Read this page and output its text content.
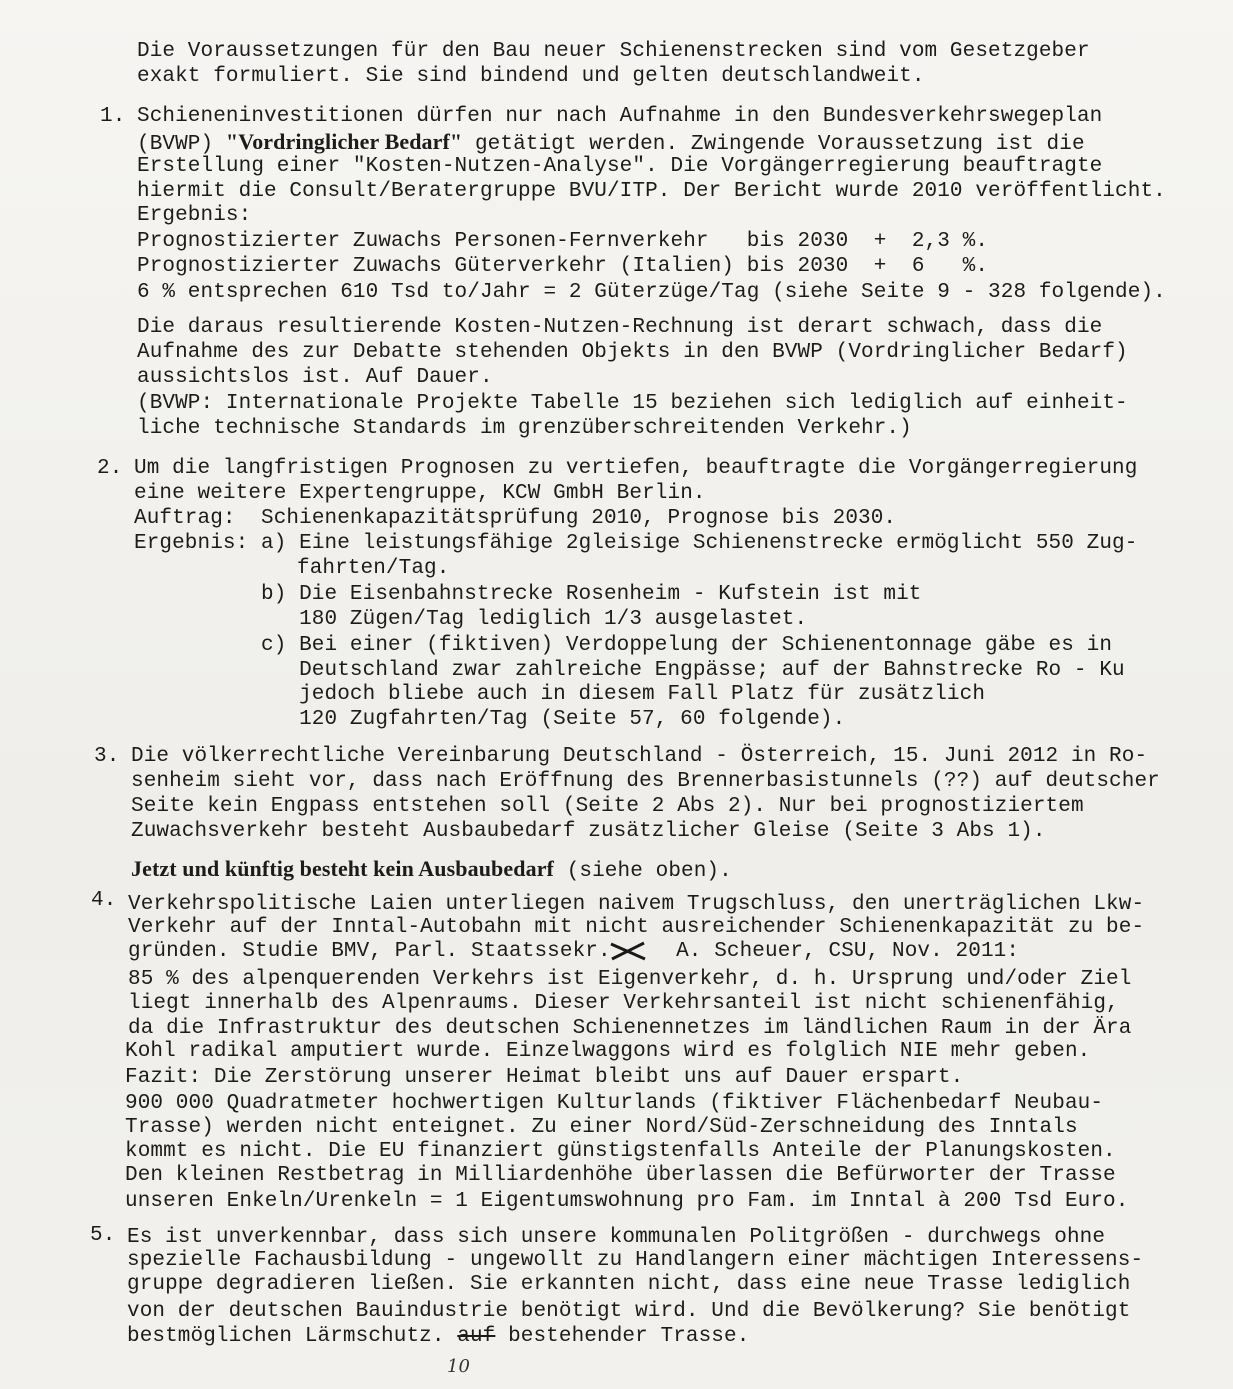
Die Voraussetzungen für den Bau neuer Schienenstrecken sind vom Gesetzgeber
exakt formuliert. Sie sind bindend und gelten deutschlandweit.
1. Schieneninvestitionen dürfen nur nach Aufnahme in den Bundesverkehrswegeplan
(BVWP) "Vordringlicher Bedarf" getätigt werden. Zwingende Voraussetzung ist die
Erstellung einer "Kosten-Nutzen-Analyse". Die Vorgängerregierung beauftragte
hiermit die Consult/Beratergruppe BVU/ITP. Der Bericht wurde 2010 veröffentlicht.
Ergebnis:
Prognostizierter Zuwachs Personen-Fernverkehr   bis 2030  +  2,3 %.
Prognostizierter Zuwachs Güterverkehr (Italien) bis 2030  +  6   %.
6 % entsprechen 610 Tsd to/Jahr = 2 Güterzüge/Tag (siehe Seite 9 - 328 folgende).
Die daraus resultierende Kosten-Nutzen-Rechnung ist derart schwach, dass die
Aufnahme des zur Debatte stehenden Objekts in den BVWP (Vordringlicher Bedarf)
aussichtslos ist. Auf Dauer.
(BVWP: Internationale Projekte Tabelle 15 beziehen sich lediglich auf einheit-
liche technische Standards im grenzüberschreitenden Verkehr.)
2. Um die langfristigen Prognosen zu vertiefen, beauftragte die Vorgängerregierung
eine weitere Expertengruppe, KCW GmbH Berlin.
Auftrag:  Schienenkapazitätsprüfung 2010, Prognose bis 2030.
Ergebnis: a) Eine leistungsfähige 2gleisige Schienenstrecke ermöglicht 550 Zug-
fahrten/Tag.
b) Die Eisenbahnstrecke Rosenheim - Kufstein ist mit
180 Zügen/Tag lediglich 1/3 ausgelastet.
c) Bei einer (fiktiven) Verdoppelung der Schienentonnage gäbe es in
Deutschland zwar zahlreiche Engpässe; auf der Bahnstrecke Ro - Ku
jedoch bliebe auch in diesem Fall Platz für zusätzlich
120 Zugfahrten/Tag (Seite 57, 60 folgende).
3. Die völkerrechtliche Vereinbarung Deutschland - Österreich, 15. Juni 2012 in Ro-
senheim sieht vor, dass nach Eröffnung des Brennerbasistunnels (??) auf deutscher
Seite kein Engpass entstehen soll (Seite 2 Abs 2). Nur bei prognostiziertem
Zuwachsverkehr besteht Ausbaubedarf zusätzlicher Gleise (Seite 3 Abs 1).
Jetzt und künftig besteht kein Ausbaubedarf (siehe oben).
4. Verkehrspolitische Laien unterliegen naivem Trugschluss, den unerträglichen Lkw-
Verkehr auf der Inntal-Autobahn mit nicht ausreichender Schienenkapazität zu be-
gründen. Studie BMV, Parl. Staatssekr.	A. Scheuer, CSU, Nov. 2011:
85 % des alpenquerenden Verkehrs ist Eigenverkehr, d. h. Ursprung und/oder Ziel
liegt innerhalb des Alpenraums. Dieser Verkehrsanteil ist nicht schienenfähig,
da die Infrastruktur des deutschen Schienennetzes im ländlichen Raum in der Ära
Kohl radikal amputiert wurde. Einzelwaggons wird es folglich NIE mehr geben.
Fazit: Die Zerstörung unserer Heimat bleibt uns auf Dauer erspart.
900 000 Quadratmeter hochwertigen Kulturlands (fiktiver Flächenbedarf Neubau-
Trasse) werden nicht enteignet. Zu einer Nord/Süd-Zerschneidung des Inntals
kommt es nicht. Die EU finanziert günstigstenfalls Anteile der Planungskosten.
Den kleinen Restbetrag in Milliardenhöhe überlassen die Befürworter der Trasse
unseren Enkeln/Urenkeln = 1 Eigentumswohnung pro Fam. im Inntal à 200 Tsd Euro.
5. Es ist unverkennbar, dass sich unsere kommunalen Politgrößen - durchwegs ohne
spezielle Fachausbildung - ungewollt zu Handlangern einer mächtigen Interessens-
gruppe degradieren ließen. Sie erkannten nicht, dass eine neue Trasse lediglich
von der deutschen Bauindustrie benötigt wird. Und die Bevölkerung? Sie benötigt
bestmöglichen Lärmschutz. auf bestehender Trasse.
10
